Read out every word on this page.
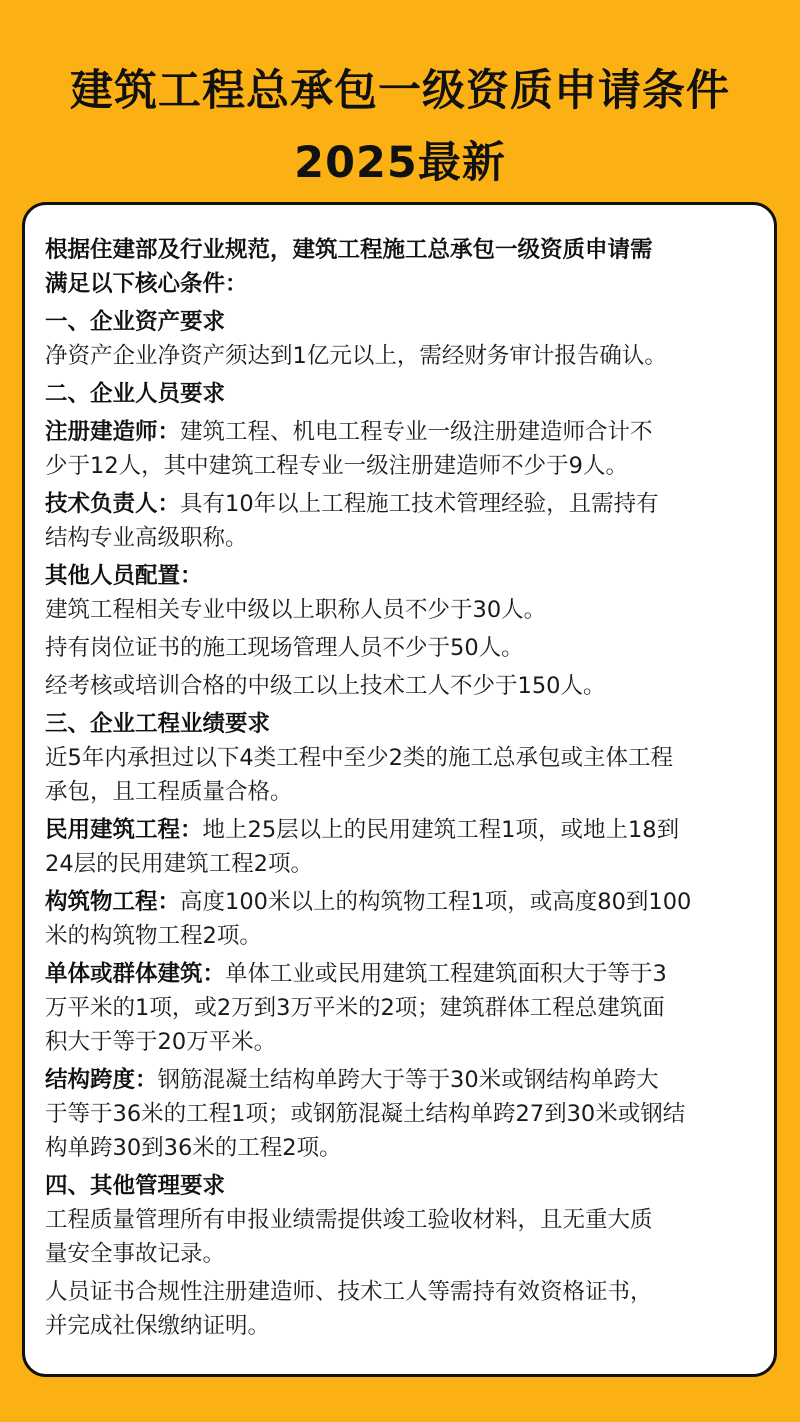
建筑工程总承包一级资质申请条件
2025最新
根据住建部及行业规范，建筑工程施工总承包一级资质申请需
满足以下核心条件：
一、企业资产要求
净资产企业净资产须达到1亿元以上，需经财务审计报告确认。
二、企业人员要求
注册建造师：建筑工程、机电工程专业一级注册建造师合计不
少于12人，其中建筑工程专业一级注册建造师不少于9人。
技术负责人：具有10年以上工程施工技术管理经验，且需持有
结构专业高级职称。
其他人员配置：
建筑工程相关专业中级以上职称人员不少于30人。
持有岗位证书的施工现场管理人员不少于50人。
经考核或培训合格的中级工以上技术工人不少于150人。
三、企业工程业绩要求
近5年内承担过以下4类工程中至少2类的施工总承包或主体工程
承包，且工程质量合格。
民用建筑工程：地上25层以上的民用建筑工程1项，或地上18到
24层的民用建筑工程2项。
构筑物工程：高度100米以上的构筑物工程1项，或高度80到100
米的构筑物工程2项。
单体或群体建筑：单体工业或民用建筑工程建筑面积大于等于3
万平米的1项，或2万到3万平米的2项；建筑群体工程总建筑面
积大于等于20万平米。
结构跨度：钢筋混凝土结构单跨大于等于30米或钢结构单跨大
于等于36米的工程1项；或钢筋混凝土结构单跨27到30米或钢结
构单跨30到36米的工程2项。
四、其他管理要求
工程质量管理所有申报业绩需提供竣工验收材料，且无重大质
量安全事故记录。
人员证书合规性注册建造师、技术工人等需持有效资格证书，
并完成社保缴纳证明。
